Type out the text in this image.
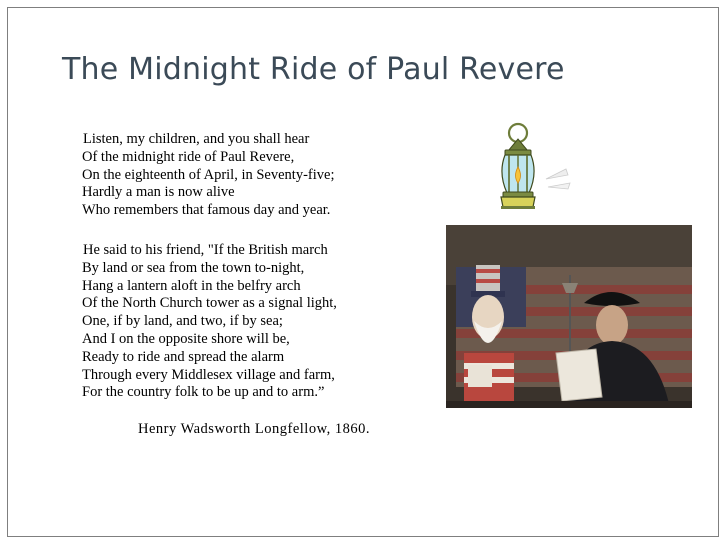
The Midnight Ride of Paul Revere
Listen, my children, and you shall hear
Of the midnight ride of Paul Revere,
On the eighteenth of April, in Seventy-five;
Hardly a man is now alive
Who remembers that famous day and year.
He said to his friend, "If the British march
By land or sea from the town to-night,
Hang a lantern aloft in the belfry arch
Of the North Church tower as a signal light,
One, if by land, and two, if by sea;
And I on the opposite shore will be,
Ready to ride and spread the alarm
Through every Middlesex village and farm,
For the country folk to be up and to arm.”

Henry Wadsworth Longfellow, 1860.
